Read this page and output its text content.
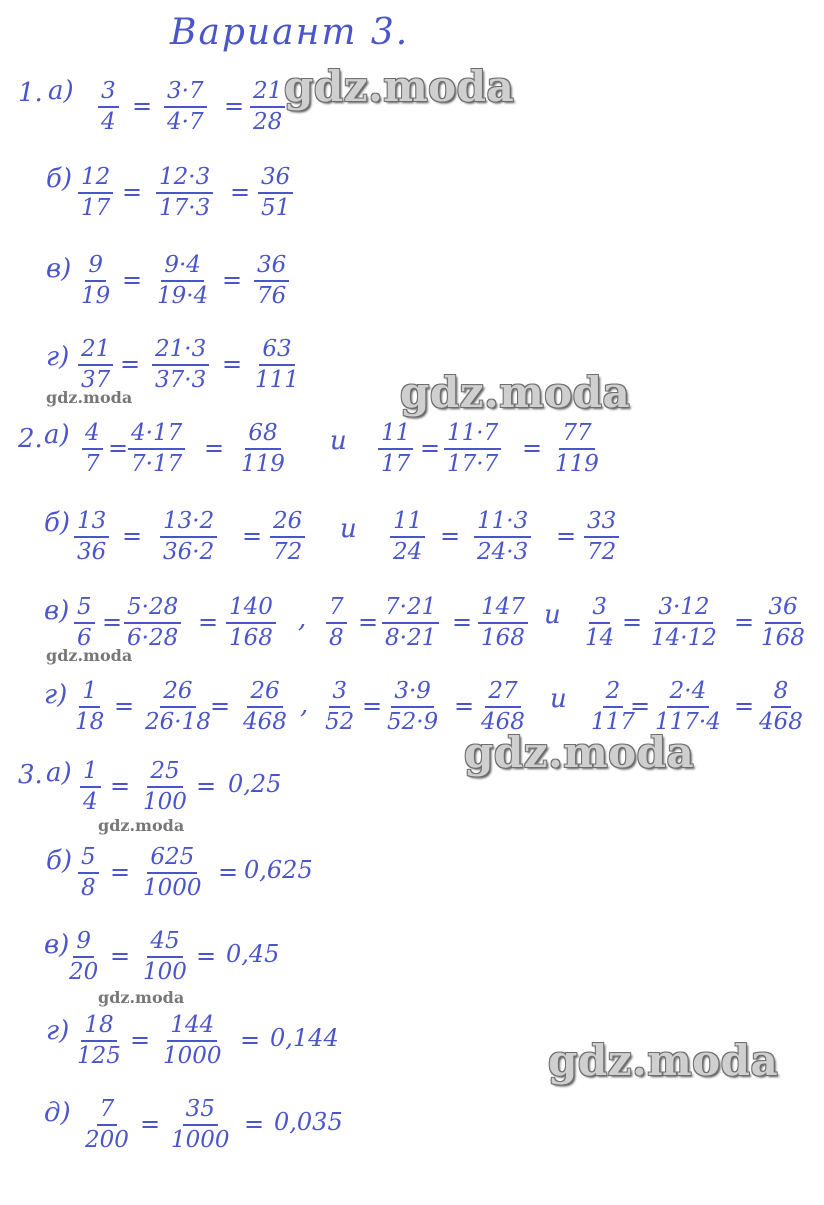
Вариант 3.
1. $а) \frac{3}{4} = \frac{3\cdot 7}{4\cdot 7} = \frac{21}{28}$
$б) \frac{12}{17} = \frac{12\cdot 3}{17\cdot 3} = \frac{36}{51}$
$в) \frac{9}{19} = \frac{9\cdot 4}{19\cdot 4} = \frac{36}{76}$
$г) \frac{21}{37} = \frac{21\cdot 3}{37\cdot 3} = \frac{63}{111}$
2. $а) \frac{4}{7} = \frac{4\cdot 17}{7\cdot 17} = \frac{68}{119}$ и $\frac{11}{17} = \frac{11\cdot 7}{17\cdot 7} = \frac{77}{119}$
$б) \frac{13}{36} = \frac{13\cdot 2}{36\cdot 2} = \frac{26}{72}$ и $\frac{11}{24} = \frac{11\cdot 3}{24\cdot 3} = \frac{33}{72}$
$в) \frac{5}{6} = \frac{5\cdot 28}{6\cdot 28} = \frac{140}{168}$ , $\frac{7}{8} = \frac{7\cdot 21}{8\cdot 21} = \frac{147}{168}$ и $\frac{3}{14} = \frac{3\cdot 12}{14\cdot 12} = \frac{36}{168}$
$г) \frac{1}{18} = \frac{26}{26\cdot 18}$
= $\frac{26}{468}$ , $\frac{3}{52} = \frac{3\cdot 9}{52\cdot 9} = \frac{27}{468}$ и $\frac{2}{117}$
= $\frac{2\cdot 4}{117\cdot 4} = \frac{8}{468}$
3. $а) \frac{1}{4} = \frac{25}{100} = 0,25$
$б) \frac{5}{8} = \frac{625}{1000} = 0,625$
в)
$\frac{9}{20} = \frac{45}{100} = 0,45$
$г) \frac{18}{125} = \frac{144}{1000} = 0,144$
$д) \frac{7}{200} = \frac{35}{1000} = 0,035$
gdz.moda
gdz.moda
gdz.moda
gdz.moda
gdz.moda
gdz.moda
gdz.moda
gdz.moda
